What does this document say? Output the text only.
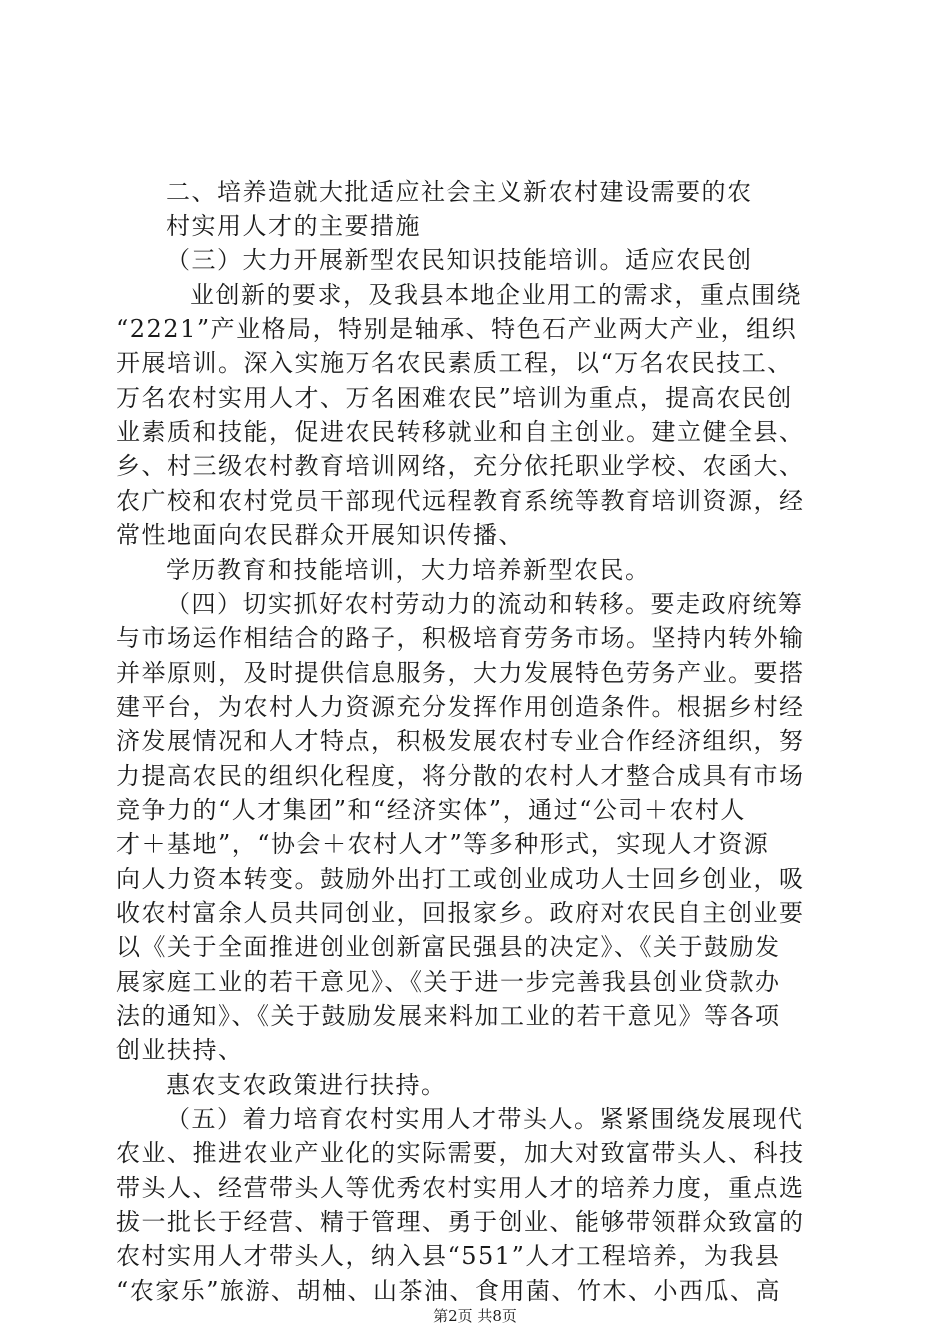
二、培养造就大批适应社会主义新农村建设需要的农
村实用人才的主要措施
（三）大力开展新型农民知识技能培训。适应农民创
业创新的要求，及我县本地企业用工的需求，重点围绕
“2221”产业格局，特别是轴承、特色石产业两大产业，组织
开展培训。深入实施万名农民素质工程，以“万名农民技工、
万名农村实用人才、万名困难农民”培训为重点，提高农民创
业素质和技能，促进农民转移就业和自主创业。建立健全县、
乡、村三级农村教育培训网络，充分依托职业学校、农函大、
农广校和农村党员干部现代远程教育系统等教育培训资源，经
常性地面向农民群众开展知识传播、
学历教育和技能培训，大力培养新型农民。
（四）切实抓好农村劳动力的流动和转移。要走政府统筹
与市场运作相结合的路子，积极培育劳务市场。坚持内转外输
并举原则，及时提供信息服务，大力发展特色劳务产业。要搭
建平台，为农村人力资源充分发挥作用创造条件。根据乡村经
济发展情况和人才特点，积极发展农村专业合作经济组织，努
力提高农民的组织化程度，将分散的农村人才整合成具有市场
竞争力的“人才集团”和“经济实体”，通过“公司＋农村人
才＋基地”，“协会＋农村人才”等多种形式，实现人才资源
向人力资本转变。鼓励外出打工或创业成功人士回乡创业，吸
收农村富余人员共同创业，回报家乡。政府对农民自主创业要
以《关于全面推进创业创新富民强县的决定》、《关于鼓励发
展家庭工业的若干意见》、《关于进一步完善我县创业贷款办
法的通知》、《关于鼓励发展来料加工业的若干意见》等各项
创业扶持、
惠农支农政策进行扶持。
（五）着力培育农村实用人才带头人。紧紧围绕发展现代
农业、推进农业产业化的实际需要，加大对致富带头人、科技
带头人、经营带头人等优秀农村实用人才的培养力度，重点选
拔一批长于经营、精于管理、勇于创业、能够带领群众致富的
农村实用人才带头人，纳入县“551”人才工程培养，为我县
“农家乐”旅游、胡柚、山茶油、食用菌、竹木、小西瓜、高
第2页 共8页
